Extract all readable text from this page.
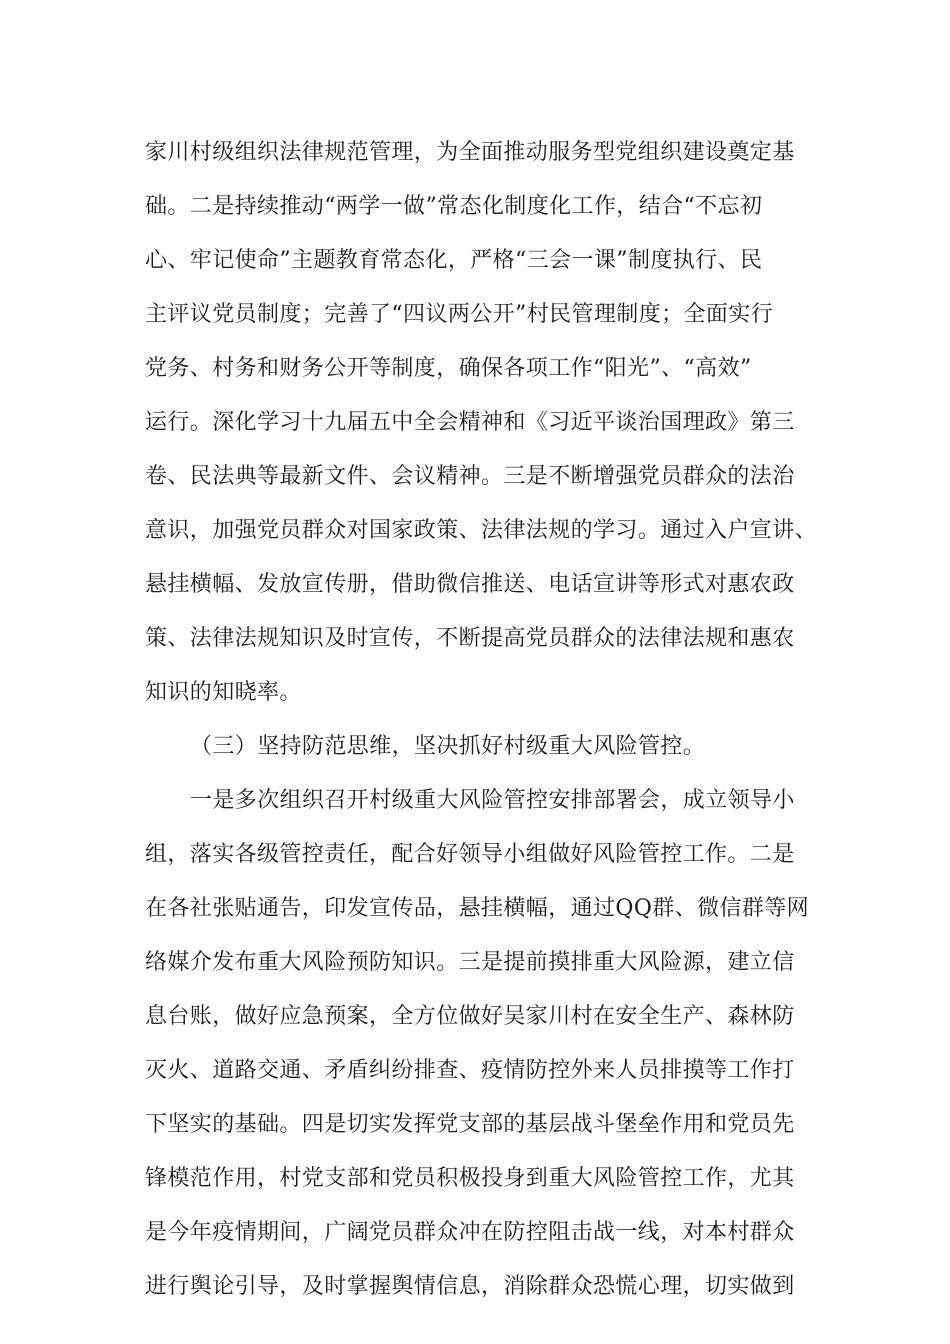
家川村级组织法律规范管理，为全面推动服务型党组织建设奠定基
础。二是持续推动“两学一做”常态化制度化工作，结合“不忘初
心、牢记使命”主题教育常态化，严格“三会一课”制度执行、民
主评议党员制度；完善了“四议两公开”村民管理制度；全面实行
党务、村务和财务公开等制度，确保各项工作“阳光”、“高效”
运行。深化学习十九届五中全会精神和《习近平谈治国理政》第三
卷、民法典等最新文件、会议精神。三是不断增强党员群众的法治
意识，加强党员群众对国家政策、法律法规的学习。通过入户宣讲、
悬挂横幅、发放宣传册，借助微信推送、电话宣讲等形式对惠农政
策、法律法规知识及时宣传，不断提高党员群众的法律法规和惠农
知识的知晓率。
（三）坚持防范思维，坚决抓好村级重大风险管控。
一是多次组织召开村级重大风险管控安排部署会，成立领导小
组，落实各级管控责任，配合好领导小组做好风险管控工作。二是
在各社张贴通告，印发宣传品，悬挂横幅，通过QQ群、微信群等网
络媒介发布重大风险预防知识。三是提前摸排重大风险源，建立信
息台账，做好应急预案，全方位做好吴家川村在安全生产、森林防
灭火、道路交通、矛盾纠纷排查、疫情防控外来人员排摸等工作打
下坚实的基础。四是切实发挥党支部的基层战斗堡垒作用和党员先
锋模范作用，村党支部和党员积极投身到重大风险管控工作，尤其
是今年疫情期间，广阔党员群众冲在防控阻击战一线，对本村群众
进行舆论引导，及时掌握舆情信息，消除群众恐慌心理，切实做到
